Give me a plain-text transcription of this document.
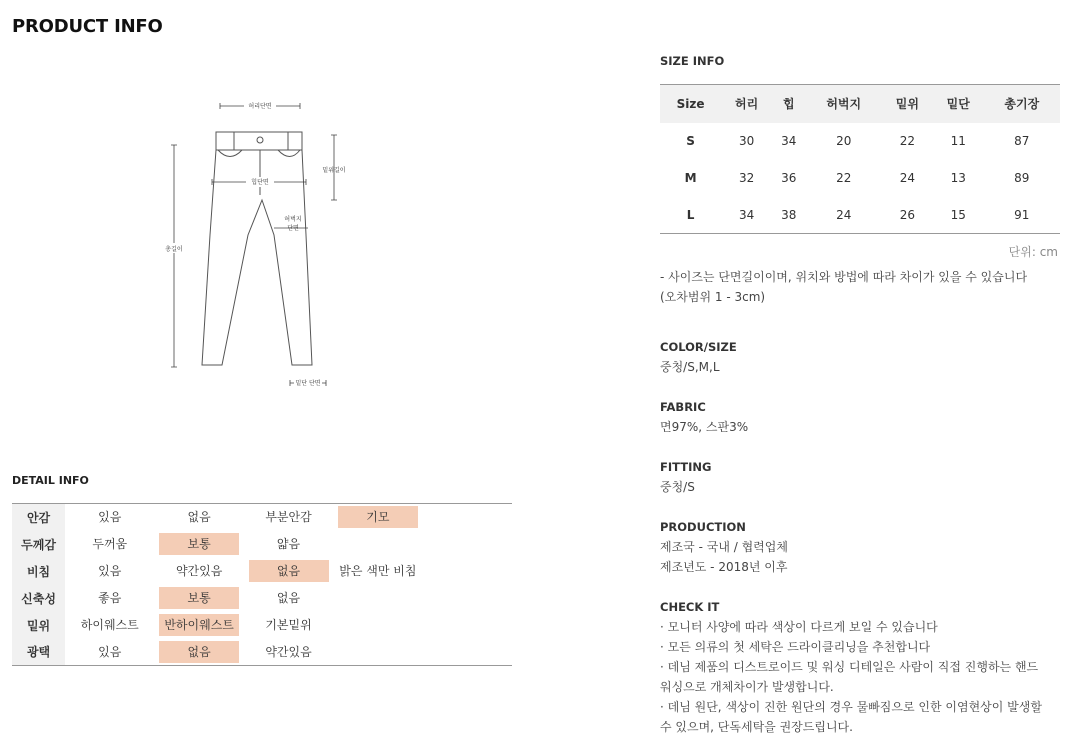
PRODUCT INFO
허리단면
밑위길이
힙단면
허벅지
단면
총길이
밑단 단면
DETAIL INFO
안감	있음	없음	부분안감	기모	
두께감	두꺼움	보통	얇음		
비침	있음	약간있음	없음	밝은 색만 비침	
신축성	좋음	보통	없음		
밑위	하이웨스트	반하이웨스트	기본밑위		
광택	있음	없음	약간있음		
SIZE INFO
Size	허리	힙	허벅지	밑위	밑단	총기장
S	30	34	20	22	11	87
M	32	36	22	24	13	89
L	34	38	24	26	15	91
단위: cm
- 사이즈는 단면길이이며, 위치와 방법에 따라 차이가 있을 수 있습니다
(오차범위 1 - 3cm)
COLOR/SIZE
중청/S,M,L
FABRIC
면97%, 스판3%
FITTING
중청/S
PRODUCTION
제조국 - 국내 / 협력업체
제조년도 - 2018년 이후
CHECK IT
· 모니터 사양에 따라 색상이 다르게 보일 수 있습니다
· 모든 의류의 첫 세탁은 드라이클리닝을 추천합니다
· 데님 제품의 디스트로이드 및 워싱 디테일은 사람이 직접 진행하는 핸드
워싱으로 개체차이가 발생합니다.
· 데님 원단, 색상이 진한 원단의 경우 물빠짐으로 인한 이염현상이 발생할
수 있으며, 단독세탁을 권장드립니다.
